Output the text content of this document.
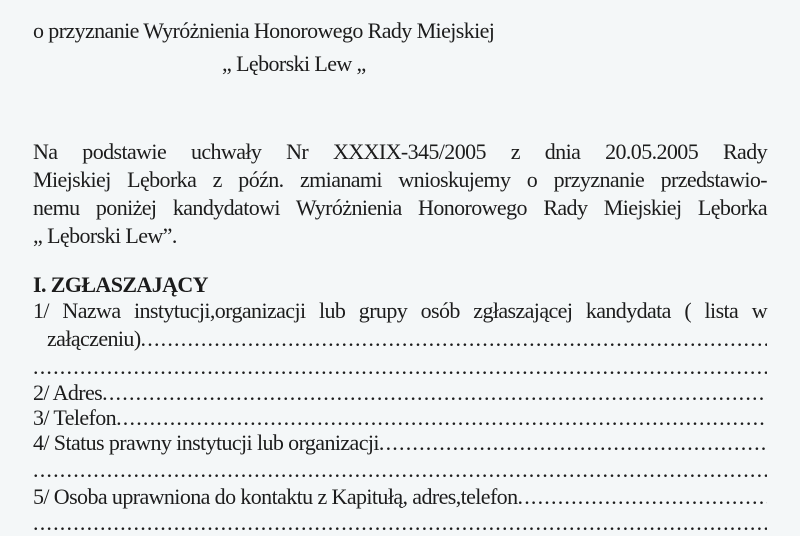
o przyznanie Wyróżnienia Honorowego Rady Miejskiej
„ Lęborski Lew „
Na podstawie uchwały Nr XXXIX-345/2005 z dnia 20.05.2005 Rady
Miejskiej Lęborka z późn. zmianami wnioskujemy o przyznanie przedstawio-
nemu poniżej kandydatowi Wyróżnienia Honorowego Rady Miejskiej Lęborka
„ Lęborski Lew”.
I. ZGŁASZAJĄCY
1/ Nazwa instytucji,organizacji lub grupy osób zgłaszającej kandydata ( lista w
załączeniu)
.....
.....
2/ Adres
.....
3/ Telefon
.....
4/ Status prawny instytucji lub organizacji
.....
.....
5/ Osoba uprawniona do kontaktu z Kapitułą, adres,telefon
.....
.....
